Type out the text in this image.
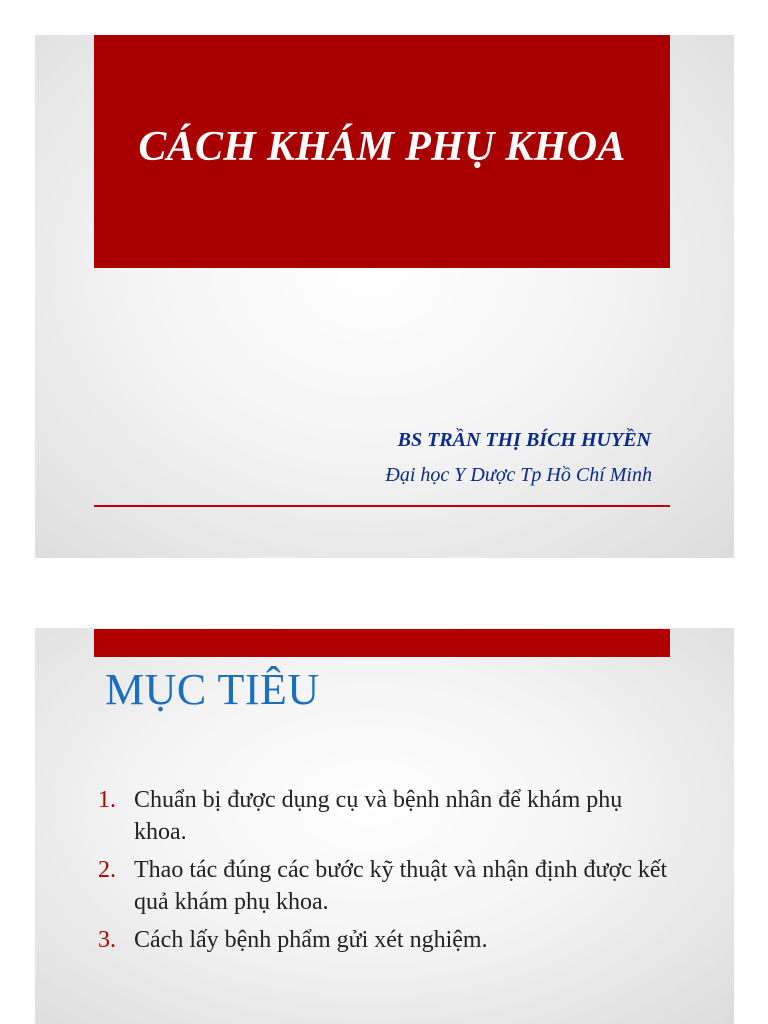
CÁCH KHÁM PHỤ KHOA
BS TRẦN THỊ BÍCH HUYỀN
Đại học Y Dược Tp Hồ Chí Minh
MỤC TIÊU
1. Chuẩn bị được dụng cụ và bệnh nhân để khám phụ khoa.
2. Thao tác đúng các bước kỹ thuật và nhận định được kết quả khám phụ khoa.
3. Cách lấy bệnh phẩm gửi xét nghiệm.
